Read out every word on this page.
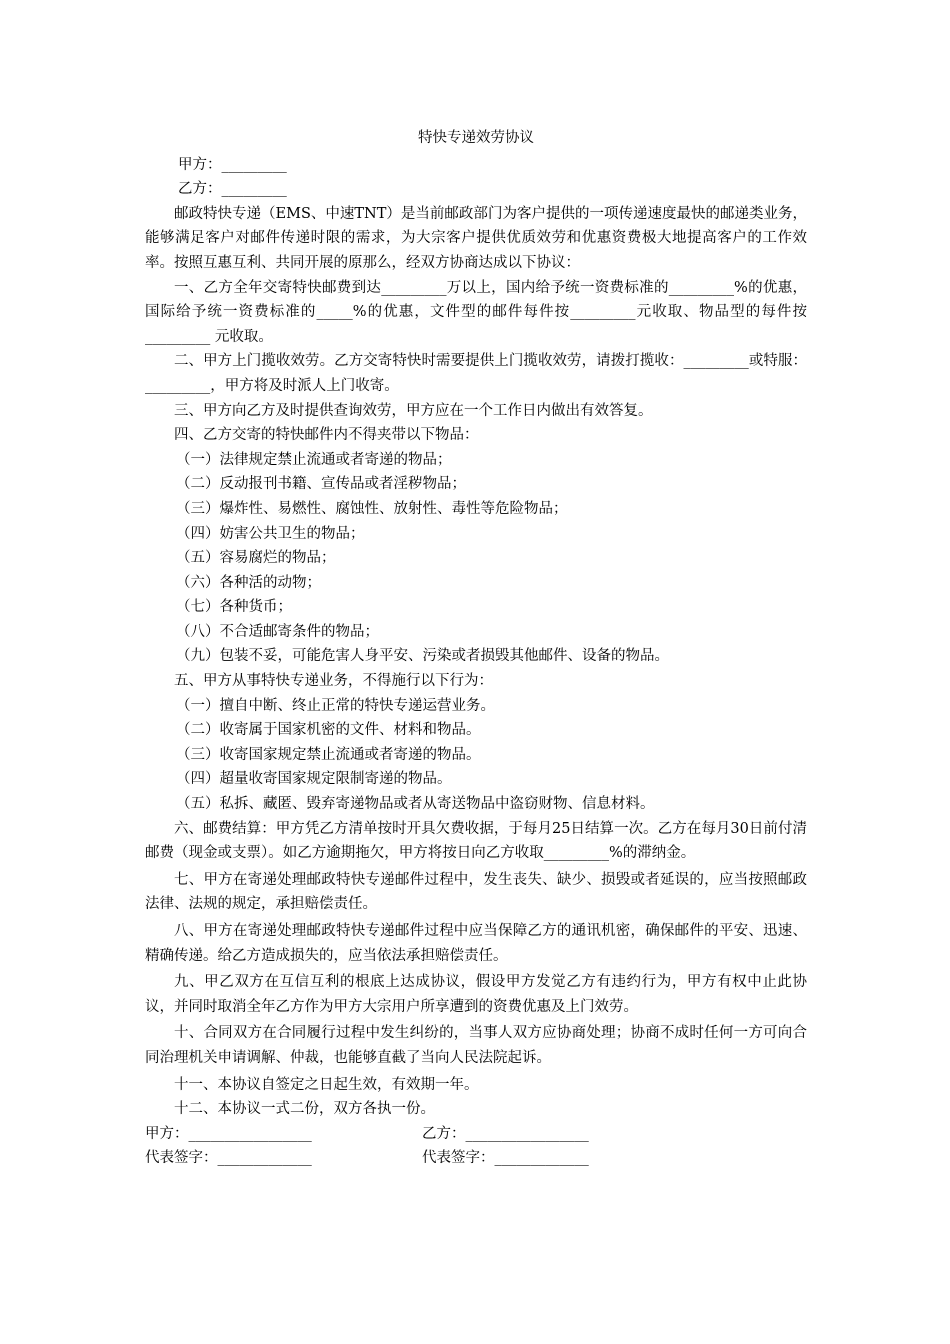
特快专递效劳协议

甲方：_________

乙方：_________

邮政特快专递（EMS、中速TNT）是当前邮政部门为客户提供的一项传递速度最快的邮递类业务，能够满足客户对邮件传递时限的需求，为大宗客户提供优质效劳和优惠资费极大地提高客户的工作效率。按照互惠互利、共同开展的原那么，经双方协商达成以下协议：

一、乙方全年交寄特快邮费到达_________万以上，国内给予统一资费标准的_________%的优惠，国际给予统一资费标准的_____%的优惠，文件型的邮件每件按_________元收取、物品型的每件按_________ 元收取。

二、甲方上门揽收效劳。乙方交寄特快时需要提供上门揽收效劳，请拨打揽收：_________或特服：_________，甲方将及时派人上门收寄。

三、甲方向乙方及时提供查询效劳，甲方应在一个工作日内做出有效答复。

四、乙方交寄的特快邮件内不得夹带以下物品：

（一）法律规定禁止流通或者寄递的物品；

（二）反动报刊书籍、宣传品或者淫秽物品；

（三）爆炸性、易燃性、腐蚀性、放射性、毒性等危险物品；

（四）妨害公共卫生的物品；

（五）容易腐烂的物品；

（六）各种活的动物；

（七）各种货币；

（八）不合适邮寄条件的物品；

（九）包装不妥，可能危害人身平安、污染或者损毁其他邮件、设备的物品。

五、甲方从事特快专递业务，不得施行以下行为：

（一）擅自中断、终止正常的特快专递运营业务。

（二）收寄属于国家机密的文件、材料和物品。

（三）收寄国家规定禁止流通或者寄递的物品。

（四）超量收寄国家规定限制寄递的物品。

（五）私拆、藏匿、毁弃寄递物品或者从寄送物品中盗窃财物、信息材料。

六、邮费结算：甲方凭乙方清单按时开具欠费收据，于每月25日结算一次。乙方在每月30日前付清邮费（现金或支票）。如乙方逾期拖欠，甲方将按日向乙方收取_________%的滞纳金。

七、甲方在寄递处理邮政特快专递邮件过程中，发生丧失、缺少、损毁或者延误的，应当按照邮政法律、法规的规定，承担赔偿责任。

八、甲方在寄递处理邮政特快专递邮件过程中应当保障乙方的通讯机密，确保邮件的平安、迅速、精确传递。给乙方造成损失的，应当依法承担赔偿责任。

九、甲乙双方在互信互利的根底上达成协议，假设甲方发觉乙方有违约行为，甲方有权中止此协议，并同时取消全年乙方作为甲方大宗用户所享遭到的资费优惠及上门效劳。

十、合同双方在合同履行过程中发生纠纷的，当事人双方应协商处理；协商不成时任何一方可向合同治理机关申请调解、仲裁，也能够直截了当向人民法院起诉。

十一、本协议自签定之日起生效，有效期一年。

十二、本协议一式二份，双方各执一份。

甲方：_________________	乙方：_________________
代表签字：_____________	代表签字：_____________
